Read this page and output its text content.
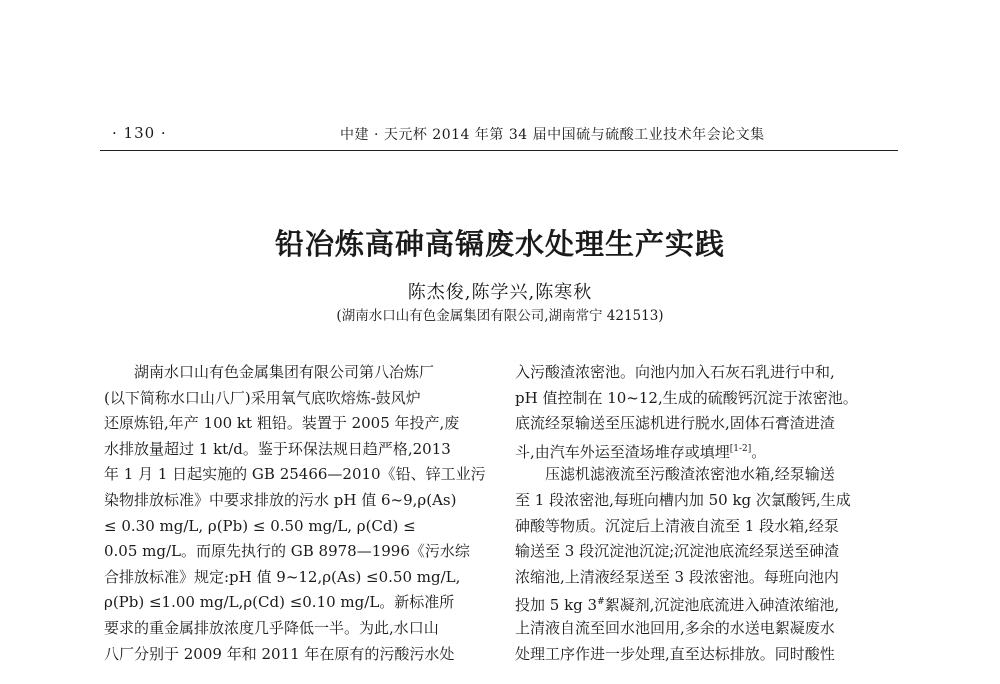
· 130 ·	中建 · 天元杯 2014 年第 34 届中国硫与硫酸工业技术年会论文集
铅冶炼高砷高镉废水处理生产实践
陈杰俊,陈学兴,陈寒秋
(湖南水口山有色金属集团有限公司,湖南常宁 421513)
湖南水口山有色金属集团有限公司第八冶炼厂
(以下简称水口山八厂)采用氧气底吹熔炼-鼓风炉
还原炼铅,年产 100 kt 粗铅。装置于 2005 年投产,废
水排放量超过 1 kt/d。鉴于环保法规日趋严格,2013
年 1 月 1 日起实施的 GB 25466—2010《铅、锌工业污
染物排放标准》中要求排放的污水 pH 值 6~9,ρ(As)
≤ 0.30 mg/L, ρ(Pb) ≤ 0.50 mg/L, ρ(Cd) ≤
0.05 mg/L。而原先执行的 GB 8978—1996《污水综
合排放标准》规定:pH 值 9~12,ρ(As) ≤0.50 mg/L,
ρ(Pb) ≤1.00 mg/L,ρ(Cd) ≤0.10 mg/L。新标准所
要求的重金属排放浓度几乎降低一半。为此,水口山
八厂分别于 2009 年和 2011 年在原有的污酸污水处
入污酸渣浓密池。向池内加入石灰石乳进行中和,
pH 值控制在 10~12,生成的硫酸钙沉淀于浓密池。
底流经泵输送至压滤机进行脱水,固体石膏渣进渣
斗,由汽车外运至渣场堆存或填埋[1-2]。
压滤机滤液流至污酸渣浓密池水箱,经泵输送
至 1 段浓密池,每班向槽内加 50 kg 次氯酸钙,生成
砷酸等物质。沉淀后上清液自流至 1 段水箱,经泵
输送至 3 段沉淀池沉淀;沉淀池底流经泵送至砷渣
浓缩池,上清液经泵送至 3 段浓密池。每班向池内
投加 5 kg 3#絮凝剂,沉淀池底流进入砷渣浓缩池,
上清液自流至回水池回用,多余的水送电絮凝废水
处理工序作进一步处理,直至达标排放。同时酸性
